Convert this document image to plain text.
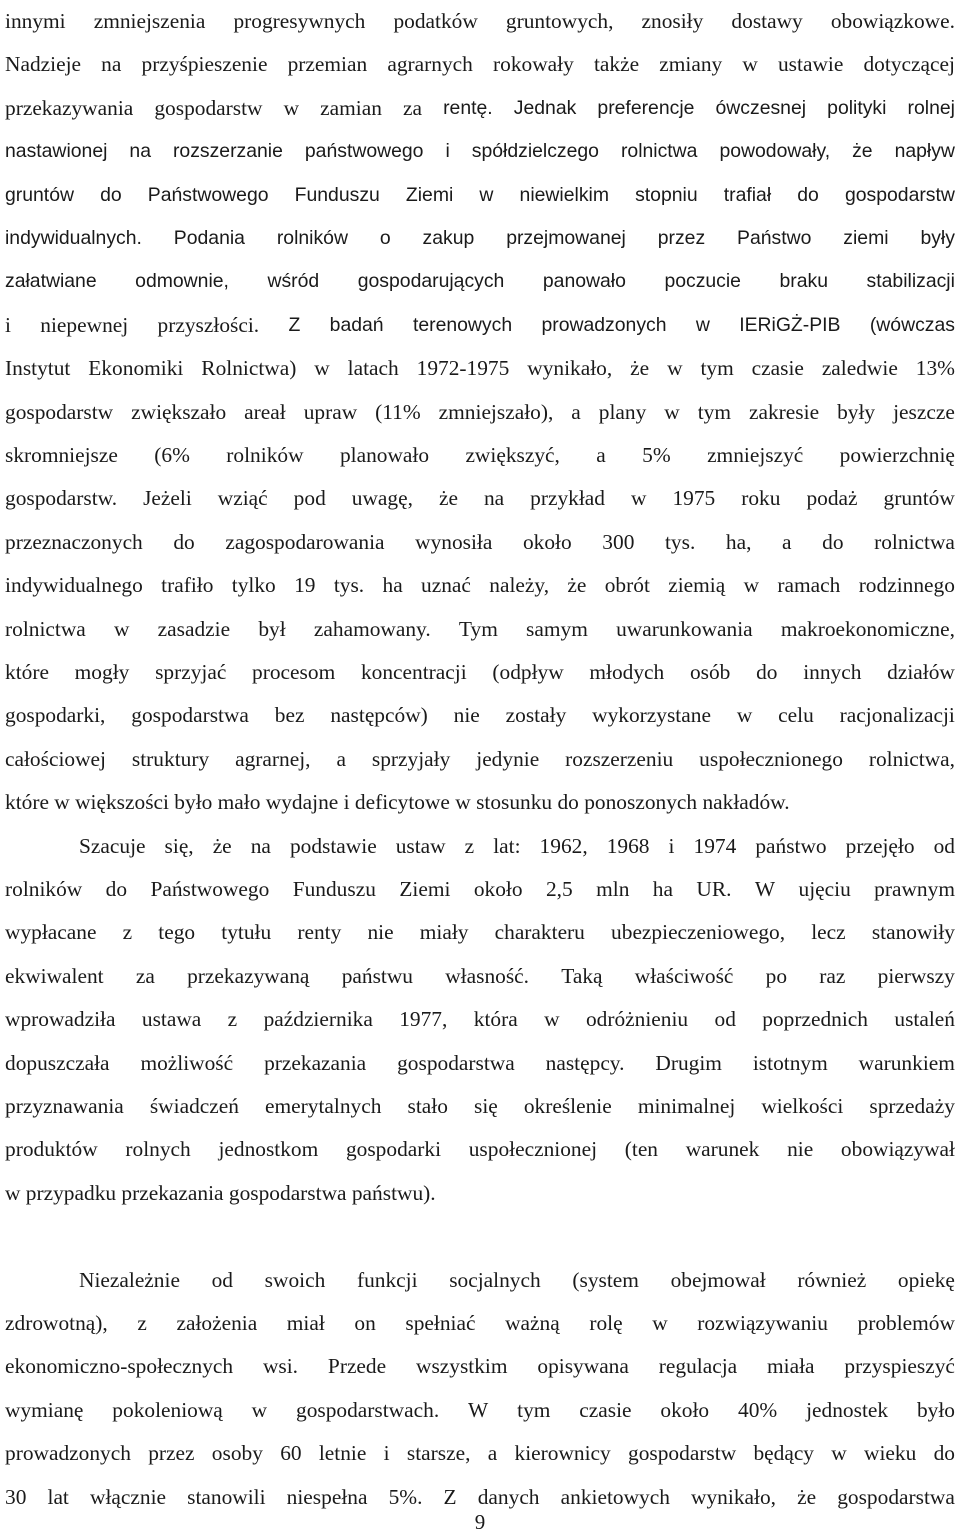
innymi zmniejszenia progresywnych podatków gruntowych, znosiły dostawy obowiązkowe.
Nadzieje na przyśpieszenie przemian agrarnych rokowały także zmiany w ustawie dotyczącej
przekazywania gospodarstw w zamian za rentę. Jednak preferencje ówczesnej polityki rolnej
nastawionej na rozszerzanie państwowego i spółdzielczego rolnictwa powodowały, że napływ
gruntów do Państwowego Funduszu Ziemi w niewielkim stopniu trafiał do gospodarstw
indywidualnych. Podania rolników o zakup przejmowanej przez Państwo ziemi były
załatwiane odmownie, wśród gospodarujących panowało poczucie braku stabilizacji
i niepewnej przyszłości. Z badań terenowych prowadzonych w IERiGŻ-PIB (wówczas
Instytut Ekonomiki Rolnictwa) w latach 1972-1975 wynikało, że w tym czasie zaledwie 13%
gospodarstw zwiększało areał upraw (11% zmniejszało), a plany w tym zakresie były jeszcze
skromniejsze (6% rolników planowało zwiększyć, a 5% zmniejszyć powierzchnię
gospodarstw. Jeżeli wziąć pod uwagę, że na przykład w 1975 roku podaż gruntów
przeznaczonych do zagospodarowania wynosiła około 300 tys. ha, a do rolnictwa
indywidualnego trafiło tylko 19 tys. ha uznać należy, że obrót ziemią w ramach rodzinnego
rolnictwa w zasadzie był zahamowany. Tym samym uwarunkowania makroekonomiczne,
które mogły sprzyjać procesom koncentracji (odpływ młodych osób do innych działów
gospodarki, gospodarstwa bez następców) nie zostały wykorzystane w celu racjonalizacji
całościowej struktury agrarnej, a sprzyjały jedynie rozszerzeniu uspołecznionego rolnictwa,
które w większości było mało wydajne i deficytowe w stosunku do ponoszonych nakładów.
Szacuje się, że na podstawie ustaw z lat: 1962, 1968 i 1974 państwo przejęło od
rolników do Państwowego Funduszu Ziemi około 2,5 mln ha UR. W ujęciu prawnym
wypłacane z tego tytułu renty nie miały charakteru ubezpieczeniowego, lecz stanowiły
ekwiwalent za przekazywaną państwu własność. Taką właściwość po raz pierwszy
wprowadziła ustawa z października 1977, która w odróżnieniu od poprzednich ustaleń
dopuszczała możliwość przekazania gospodarstwa następcy. Drugim istotnym warunkiem
przyznawania świadczeń emerytalnych stało się określenie minimalnej wielkości sprzedaży
produktów rolnych jednostkom gospodarki uspołecznionej (ten warunek nie obowiązywał
w przypadku przekazania gospodarstwa państwu).
Niezależnie od swoich funkcji socjalnych (system obejmował również opiekę
zdrowotną), z założenia miał on spełniać ważną rolę w rozwiązywaniu problemów
ekonomiczno-społecznych wsi. Przede wszystkim opisywana regulacja miała przyspieszyć
wymianę pokoleniową w gospodarstwach. W tym czasie około 40% jednostek było
prowadzonych przez osoby 60 letnie i starsze, a kierownicy gospodarstw będący w wieku do
30 lat włącznie stanowili niespełna 5%. Z danych ankietowych wynikało, że gospodarstwa
9
